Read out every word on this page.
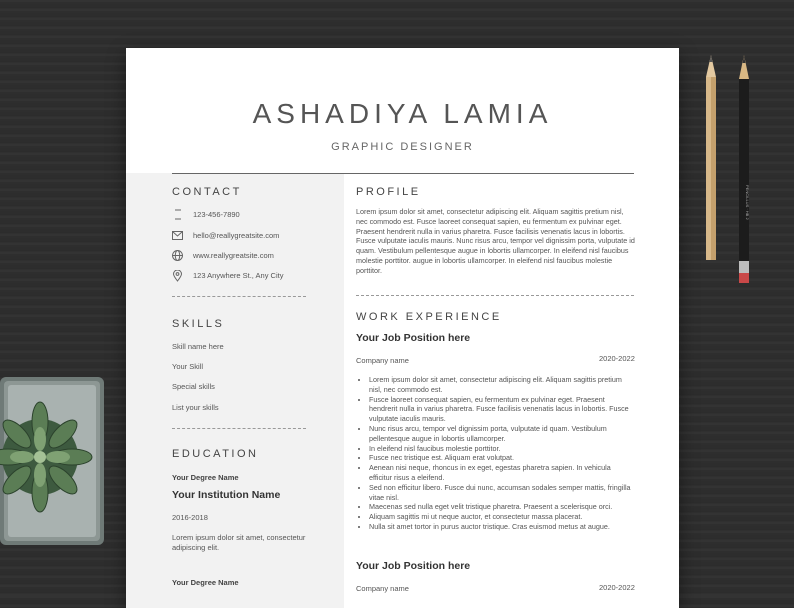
PENCILLUS · HB 2
ASHADIYA LAMIA
GRAPHIC DESIGNER
CONTACT
123-456-7890
hello@reallygreatsite.com
www.reallygreatsite.com
123 Anywhere St., Any City
SKILLS
Skill name here
Your Skill
Special skills
List your skills
EDUCATION
Your Degree Name
Your Institution Name
2016-2018
Lorem ipsum dolor sit amet, consectetur adipiscing elit.
Your Degree Name
PROFILE
Lorem ipsum dolor sit amet, consectetur adipiscing elit. Aliquam sagittis pretium nisl, nec commodo est. Fusce laoreet consequat sapien, eu fermentum ex pulvinar eget. Praesent hendrerit nulla in varius pharetra. Fusce facilisis venenatis lacus in lobortis. Fusce vulputate iaculis mauris. Nunc risus arcu, tempor vel dignissim porta, vulputate id quam. Vestibulum pellentesque augue in lobortis ullamcorper. In eleifend nisl faucibus molestie porttitor. augue in lobortis ullamcorper. In eleifend nisl faucibus molestie porttitor.
WORK EXPERIENCE
Your Job Position here
Company name	2020-2022
• Lorem ipsum dolor sit amet, consectetur adipiscing elit. Aliquam sagittis pretium nisl, nec commodo est.
• Fusce laoreet consequat sapien, eu fermentum ex pulvinar eget. Praesent hendrerit nulla in varius pharetra. Fusce facilisis venenatis lacus in lobortis. Fusce vulputate iaculis mauris.
• Nunc risus arcu, tempor vel dignissim porta, vulputate id quam. Vestibulum pellentesque augue in lobortis ullamcorper.
• In eleifend nisl faucibus molestie porttitor.
• Fusce nec tristique est. Aliquam erat volutpat.
• Aenean nisi neque, rhoncus in ex eget, egestas pharetra sapien. In vehicula efficitur risus a eleifend.
• Sed non efficitur libero. Fusce dui nunc, accumsan sodales semper mattis, fringilla vitae nisl.
• Maecenas sed nulla eget velit tristique pharetra. Praesent a scelerisque orci.
• Aliquam sagittis mi ut neque auctor, et consectetur massa placerat.
• Nulla sit amet tortor in purus auctor tristique. Cras euismod metus at augue.
Your Job Position here
Company name	2020-2022
